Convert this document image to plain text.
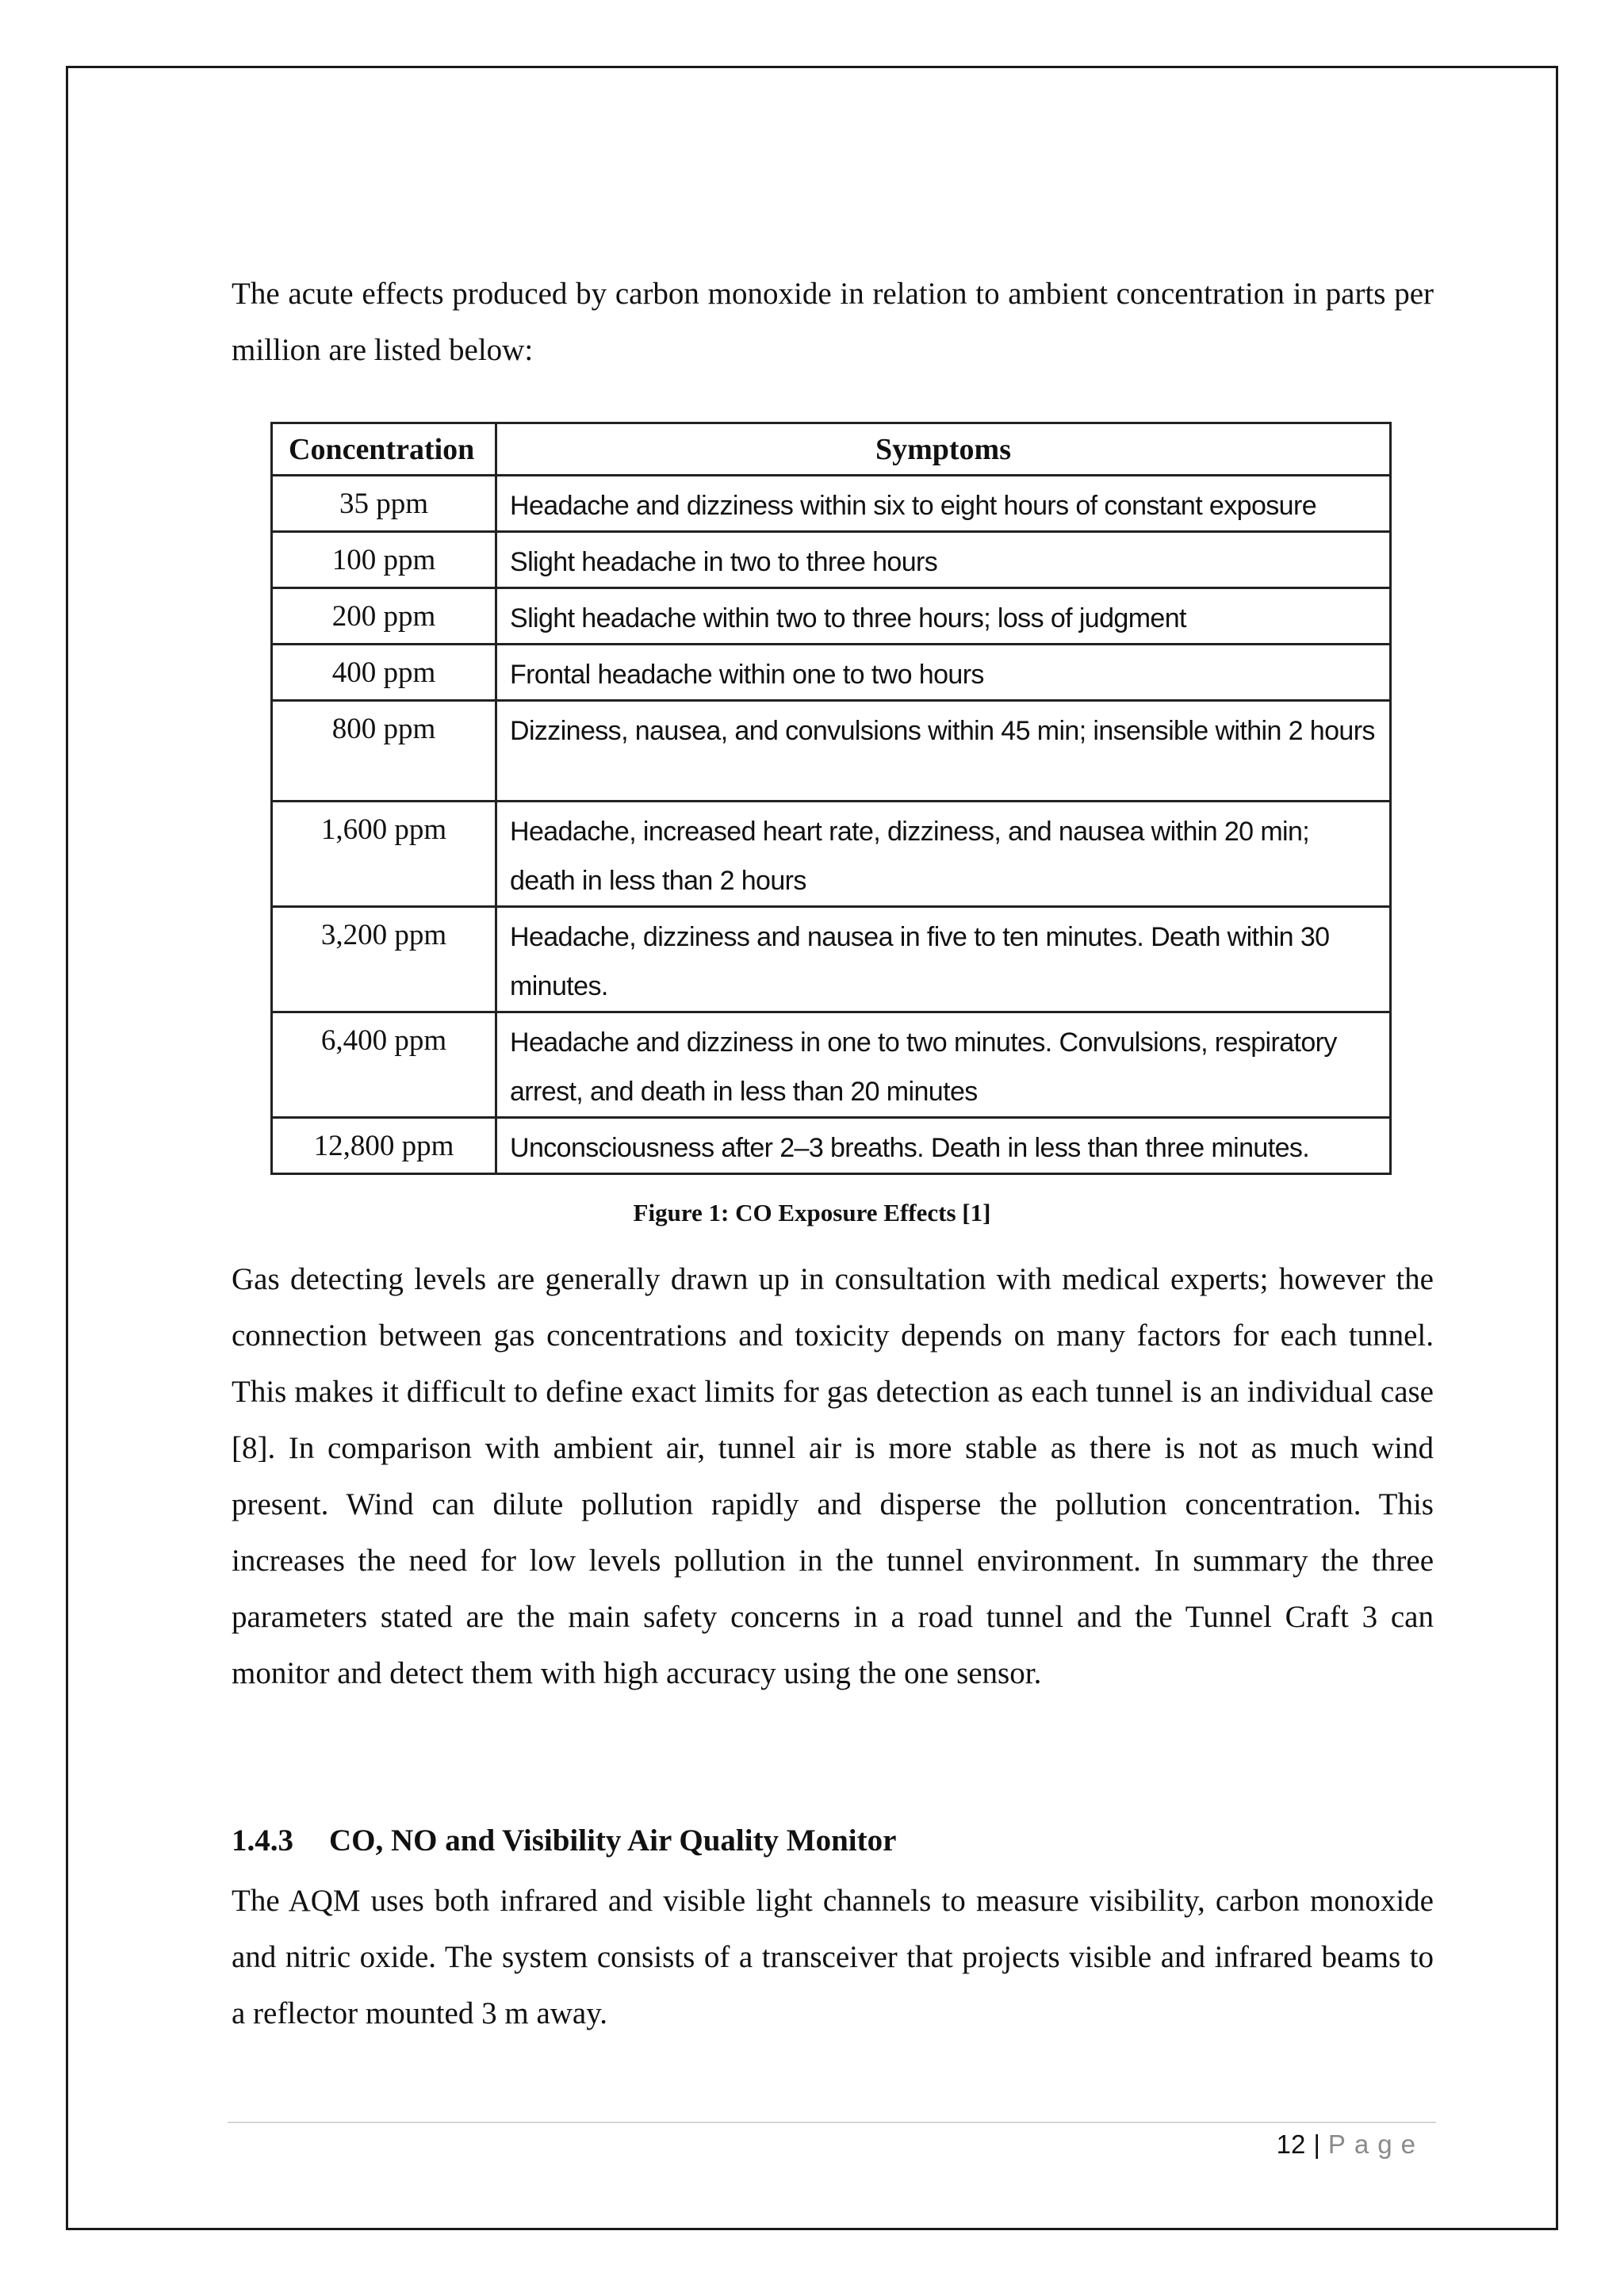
The acute effects produced by carbon monoxide in relation to ambient concentration in parts per million are listed below:

Concentration	Symptoms
35 ppm	Headache and dizziness within six to eight hours of constant exposure
100 ppm	Slight headache in two to three hours
200 ppm	Slight headache within two to three hours; loss of judgment
400 ppm	Frontal headache within one to two hours
800 ppm	Dizziness, nausea, and convulsions within 45 min; insensible within 2 hours
1,600 ppm	Headache, increased heart rate, dizziness, and nausea within 20 min; death in less than 2 hours
3,200 ppm	Headache, dizziness and nausea in five to ten minutes. Death within 30 minutes.
6,400 ppm	Headache and dizziness in one to two minutes. Convulsions, respiratory arrest, and death in less than 20 minutes
12,800 ppm	Unconsciousness after 2–3 breaths. Death in less than three minutes.
Figure 1: CO Exposure Effects [1]

Gas detecting levels are generally drawn up in consultation with medical experts; however the connection between gas concentrations and toxicity depends on many factors for each tunnel. This makes it difficult to define exact limits for gas detection as each tunnel is an individual case [8]. In comparison with ambient air, tunnel air is more stable as there is not as much wind present. Wind can dilute pollution rapidly and disperse the pollution concentration. This increases the need for low levels pollution in the tunnel environment. In summary the three parameters stated are the main safety concerns in a road tunnel and the Tunnel Craft 3 can monitor and detect them with high accuracy using the one sensor.

1.4.3 CO, NO and Visibility Air Quality Monitor

The AQM uses both infrared and visible light channels to measure visibility, carbon monoxide and nitric oxide. The system consists of a transceiver that projects visible and infrared beams to a reflector mounted 3 m away.

12 | Page
